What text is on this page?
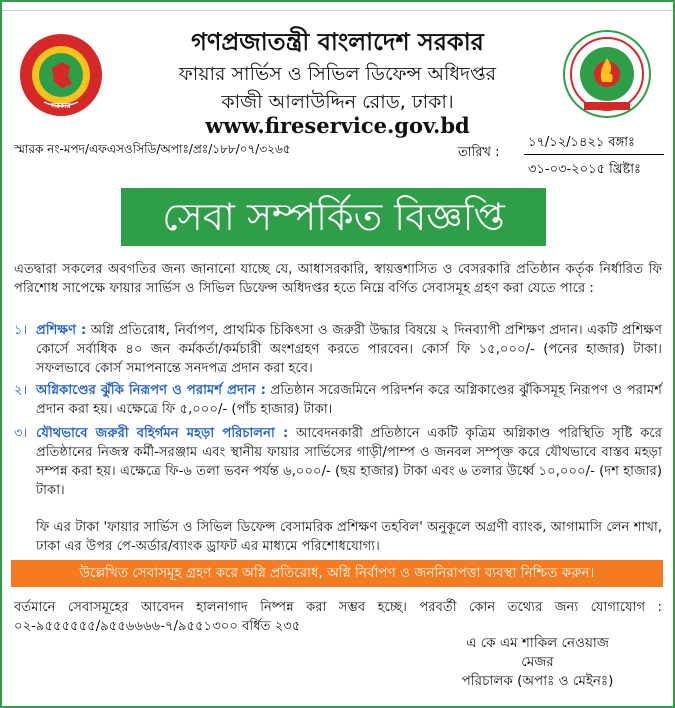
সরকার
গণপ্রজাতন্ত্রী বাংলাদেশ সরকার
ফায়ার সার্ভিস ও সিভিল ডিফেন্স অধিদপ্তর
কাজী আলাউদ্দিন রোড, ঢাকা।
www.fireservice.gov.bd
স্মারক নং-মপদ/এফএসওসিডি/অপাঃ/প্রঃ/১৮৮/০৭/৩২৬৫	তারিখ :
১৭/১২/১৪২১ বঙ্গাঃ
৩১-০৩-২০১৫ খ্রিষ্টাঃ
সেবা সম্পর্কিত বিজ্ঞপ্তি
এতদ্বারা সকলের অবগতির জন্য জানানো যাচ্ছে যে, আধাসরকারি, স্বায়ত্তশাসিত ও বেসরকারি প্রতিষ্ঠান কর্তৃক নির্ধারিত ফি পরিশোধ সাপেক্ষে ফায়ার সার্ভিস ও সিভিল ডিফেন্স অধিদপ্তর হতে নিম্নে বর্ণিত সেবাসমূহ গ্রহণ করা যেতে পারে :
১। প্রশিক্ষণ : অগ্নি প্রতিরোধ, নির্বাপণ, প্রাথমিক চিকিৎসা ও জরুরী উদ্ধার বিষয়ে ২ দিনব্যাপী প্রশিক্ষণ প্রদান। একটি প্রশিক্ষণ কোর্সে সর্বাধিক ৪০ জন কর্মকর্তা/কর্মচারী অংশগ্রহণ করতে পারবেন। কোর্স ফি ১৫,০০০/- (পনের হাজার) টাকা। সফলভাবে কোর্স সমাপনান্তে সনদপত্র প্রদান করা হবে।
২। অগ্নিকাণ্ডের ঝুঁকি নিরূপণ ও পরামর্শ প্রদান : প্রতিষ্ঠান সরেজমিনে পরিদর্শন করে অগ্নিকাণ্ডের ঝুঁকিসমূহ নিরূপণ ও পরামর্শ প্রদান করা হয়। এক্ষেত্রে ফি ৫,০০০/- (পাঁচ হাজার) টাকা।
৩। যৌথভাবে জরুরী বহির্গমন মহড়া পরিচালনা : আবেদনকারী প্রতিষ্ঠানে একটি কৃত্রিম অগ্নিকাণ্ড পরিস্থিতি সৃষ্টি করে প্রতিষ্ঠানের নিজস্ব কর্মী-সরঞ্জাম এবং স্থানীয় ফায়ার সার্ভিসের গাড়ী/পাম্প ও জনবল সম্পৃক্ত করে যৌথভাবে বাস্তব মহড়া সম্পন্ন করা হয়। এক্ষেত্রে ফি-৬ তলা ভবন পর্যন্ত ৬,০০০/- (ছয় হাজার) টাকা এবং ৬ তলার উর্ধ্বে ১০,০০০/- (দশ হাজার) টাকা।
ফি এর টাকা 'ফায়ার সার্ভিস ও সিভিল ডিফেন্স বেসামরিক প্রশিক্ষণ তহবিল' অনুকূলে অগ্রণী ব্যাংক, আগামাসি লেন শাখা, ঢাকা এর উপর পে-অর্ডার/ব্যাংক ড্রাফট এর মাধ্যমে পরিশোধযোগ্য।
উল্লেখিত সেবাসমূহ গ্রহণ করে অগ্নি প্রতিরোধ, অগ্নি নির্বাপণ ও জননিরাপত্তা ব্যবস্থা নিশ্চিত করুন।
বর্তমানে সেবাসমূহের আবেদন হালনাগাদ নিষ্পন্ন করা সম্ভব হচ্ছে। পরবর্তী কোন তথ্যের জন্য যোগাযোগ : ০২-৯৫৫৫৫৫৫/৯৫৫৬৬৬৬-৭/৯৫৫১৩০০ বর্ধিত ২৩৫
এ কে এম শাকিল নেওয়াজ
মেজর
পরিচালক (অপাঃ ও মেইনঃ)
